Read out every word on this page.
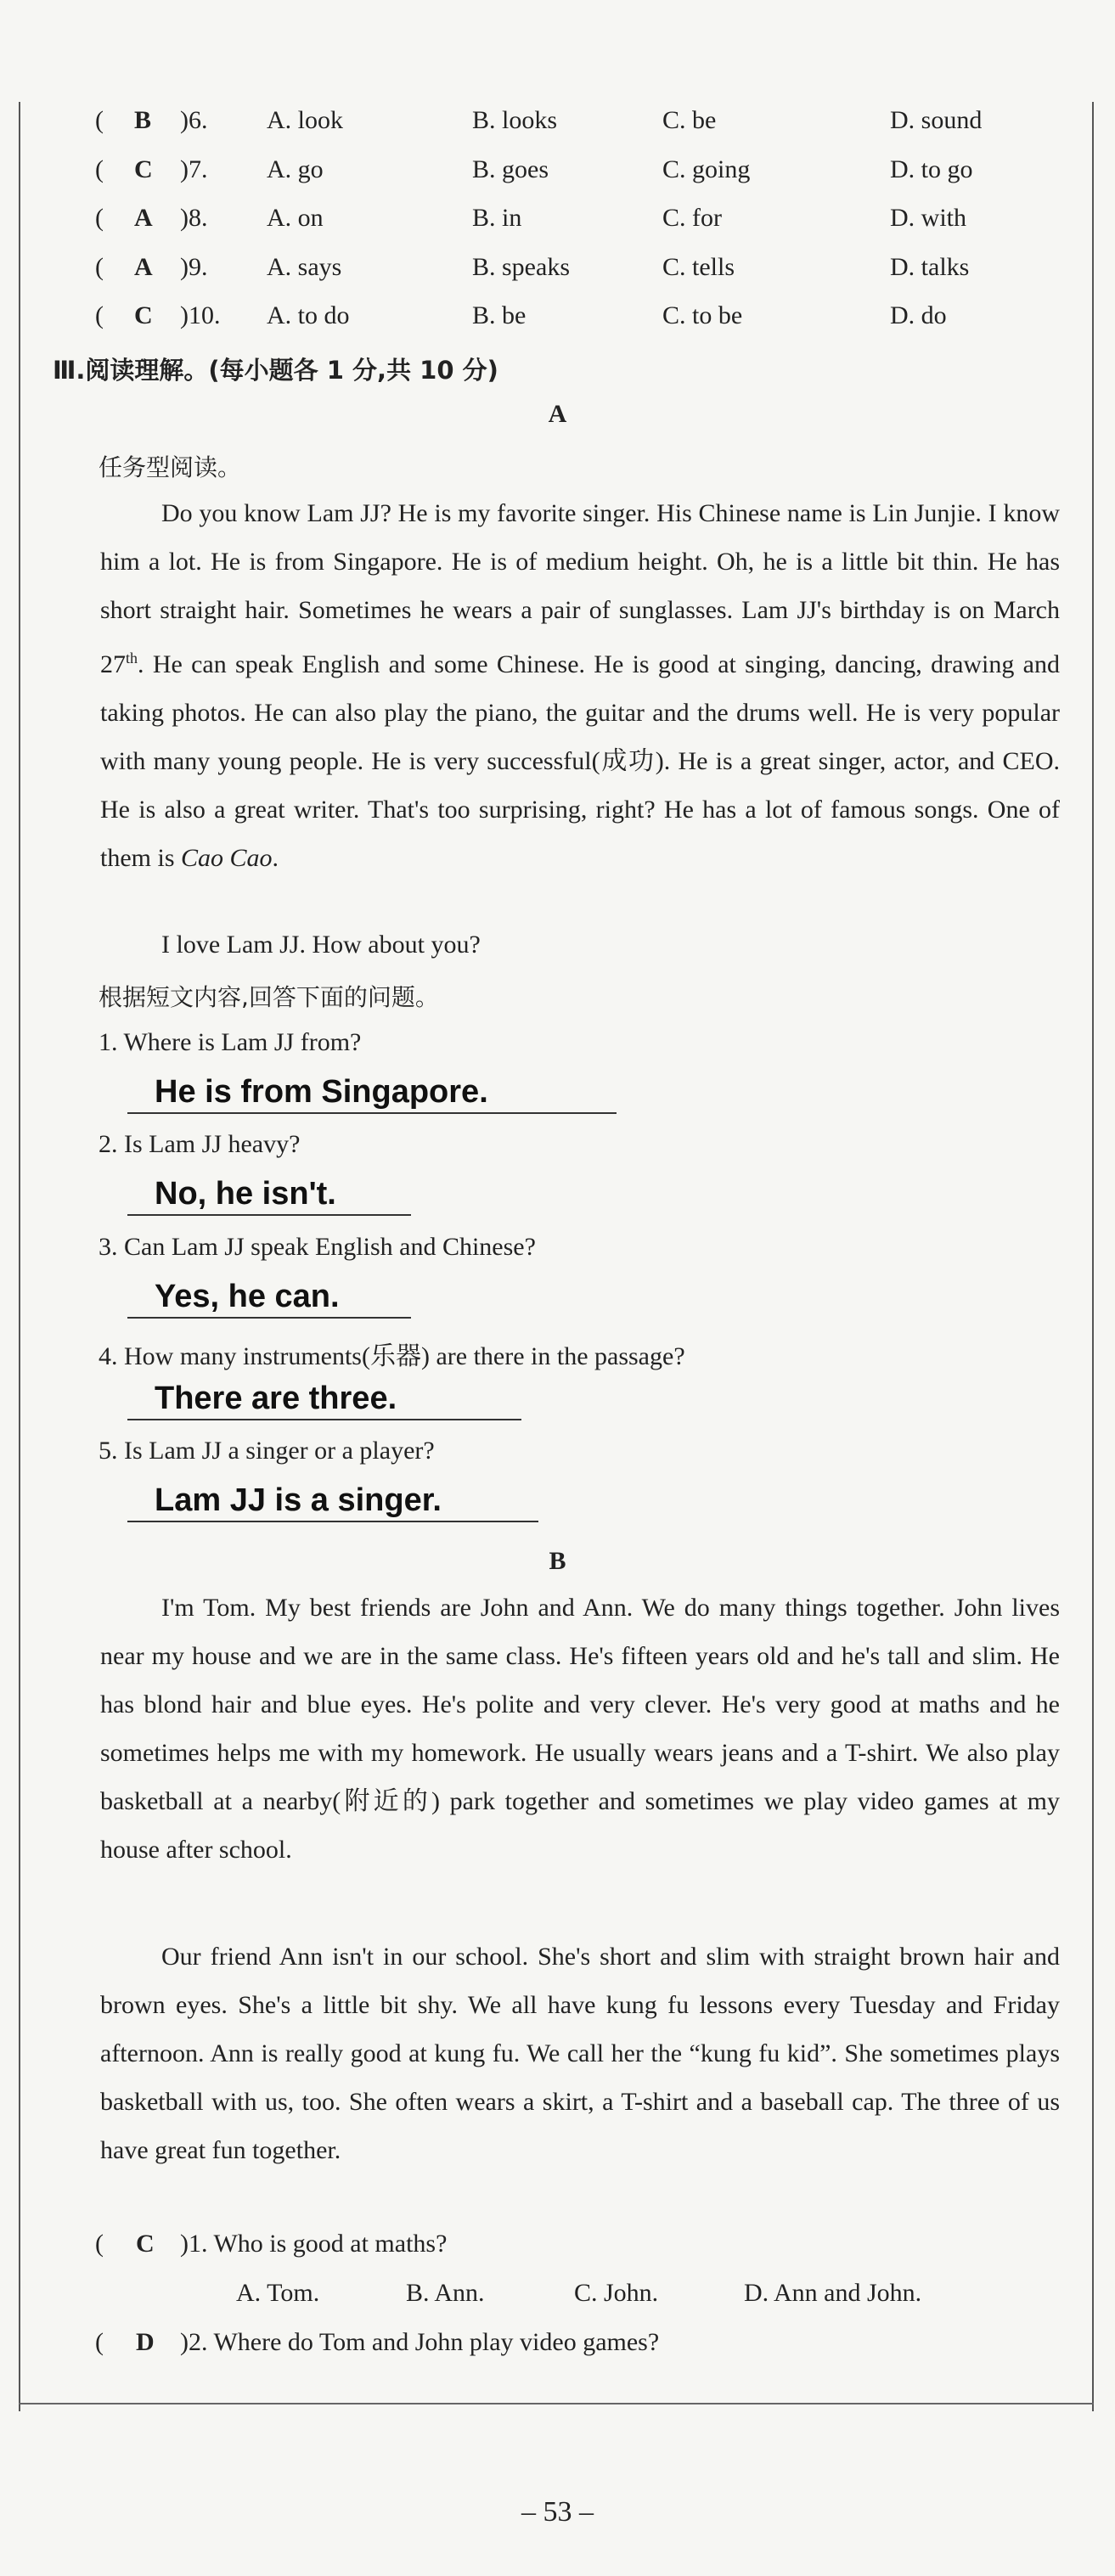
( B )6. A. look	B. looks	C. be	D. sound
( C )7. A. go	B. goes	C. going	D. to go
( A )8. A. on	B. in	C. for	D. with
( A )9. A. says	B. speaks	C. tells	D. talks
( C )10. A. to do	B. be	C. to be	D. do
Ⅲ.阅读理解。(每小题各 1 分,共 10 分)
A
任务型阅读。

Do you know Lam JJ? He is my favorite singer. His Chinese name is Lin Junjie. I know him a lot. He is from Singapore. He is of medium height. Oh, he is a little bit thin. He has short straight hair. Sometimes he wears a pair of sunglasses. Lam JJ's birthday is on March 27th. He can speak English and some Chinese. He is good at singing, dancing, drawing and taking photos. He can also play the piano, the guitar and the drums well. He is very popular with many young people. He is very successful(成功). He is a great singer, actor, and CEO. He is also a great writer. That's too surprising, right? He has a lot of famous songs. One of them is Cao Cao.

I love Lam JJ. How about you?
根据短文内容,回答下面的问题。
1. Where is Lam JJ from?
He is from Singapore.
2. Is Lam JJ heavy?
No, he isn't.
3. Can Lam JJ speak English and Chinese?
Yes, he can.
4. How many instruments(乐器) are there in the passage?
There are three.
5. Is Lam JJ a singer or a player?
Lam JJ is a singer.
B

I'm Tom. My best friends are John and Ann. We do many things together. John lives near my house and we are in the same class. He's fifteen years old and he's tall and slim. He has blond hair and blue eyes. He's polite and very clever. He's very good at maths and he sometimes helps me with my homework. He usually wears jeans and a T-shirt. We also play basketball at a nearby(附近的) park together and sometimes we play video games at my house after school.

Our friend Ann isn't in our school. She's short and slim with straight brown hair and brown eyes. She's a little bit shy. We all have kung fu lessons every Tuesday and Friday afternoon. Ann is really good at kung fu. We call her the “kung fu kid”. She sometimes plays basketball with us, too. She often wears a skirt, a T-shirt and a baseball cap. The three of us have great fun together.

( C )1. Who is good at maths?
A. Tom.	B. Ann.	C. John.	D. Ann and John.
( D )2. Where do Tom and John play video games?
– 53 –
